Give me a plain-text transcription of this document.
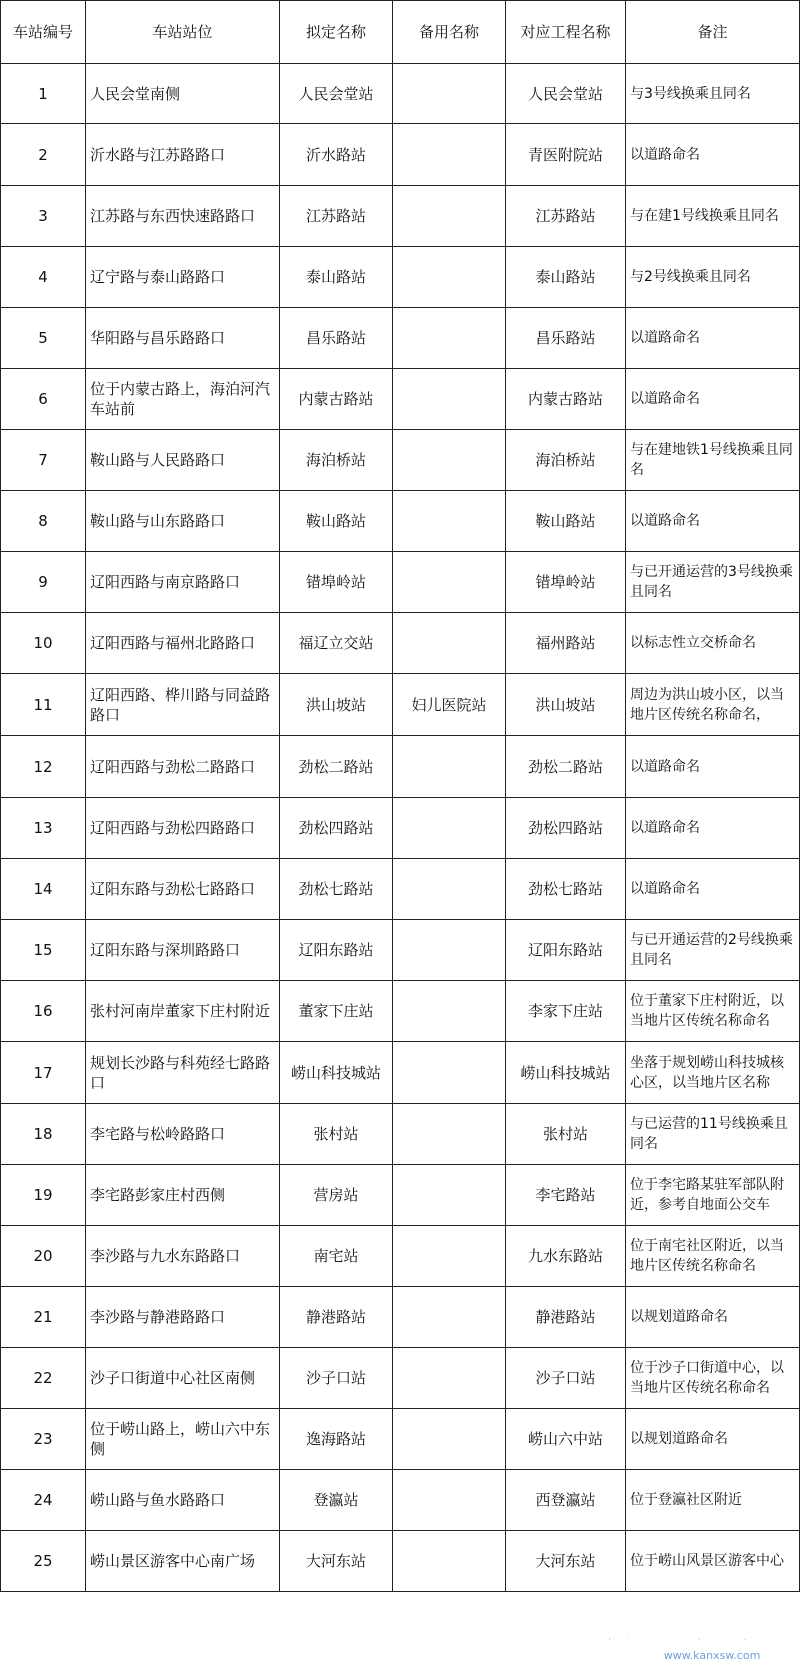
车站编号	车站站位	拟定名称	备用名称	对应工程名称	备注
1	人民会堂南侧	人民会堂站		人民会堂站	与3号线换乘且同名

2	沂水路与江苏路路口	沂水路站		青医附院站	以道路命名

3	江苏路与东西快速路路口	江苏路站		江苏路站	与在建1号线换乘且同名

4	辽宁路与泰山路路口	泰山路站		泰山路站	与2号线换乘且同名

5	华阳路与昌乐路路口	昌乐路站		昌乐路站	以道路命名

6	位于内蒙古路上，海泊河汽车站前	内蒙古路站		内蒙古路站	以道路命名

7	鞍山路与人民路路口	海泊桥站		海泊桥站	与在建地铁1号线换乘且同名

8	鞍山路与山东路路口	鞍山路站		鞍山路站	以道路命名

9	辽阳西路与南京路路口	错埠岭站		错埠岭站	与已开通运营的3号线换乘且同名

10	辽阳西路与福州北路路口	福辽立交站		福州路站	以标志性立交桥命名

11	辽阳西路、桦川路与同益路路口	洪山坡站	妇儿医院站	洪山坡站	周边为洪山坡小区，以当地片区传统名称命名，

12	辽阳西路与劲松二路路口	劲松二路站		劲松二路站	以道路命名

13	辽阳西路与劲松四路路口	劲松四路站		劲松四路站	以道路命名

14	辽阳东路与劲松七路路口	劲松七路站		劲松七路站	以道路命名

15	辽阳东路与深圳路路口	辽阳东路站		辽阳东路站	与已开通运营的2号线换乘且同名

16	张村河南岸董家下庄村附近	董家下庄站		李家下庄站	位于董家下庄村附近，以当地片区传统名称命名

17	规划长沙路与科苑经七路路口	崂山科技城站		崂山科技城站	坐落于规划崂山科技城核心区，以当地片区名称

18	李宅路与松岭路路口	张村站		张村站	与已运营的11号线换乘且同名

19	李宅路彭家庄村西侧	营房站		李宅路站	位于李宅路某驻军部队附近，参考自地面公交车

20	李沙路与九水东路路口	南宅站		九水东路站	位于南宅社区附近，以当地片区传统名称命名

21	李沙路与静港路路口	静港路站		静港路站	以规划道路命名

22	沙子口街道中心社区南侧	沙子口站		沙子口站	位于沙子口街道中心，以当地片区传统名称命名

23	位于崂山路上，崂山六中东侧	逸海路站		崂山六中站	以规划道路命名

24	崂山路与鱼水路路口	登瀛站		西登瀛站	位于登瀛社区附近

25	崂山景区游客中心南广场	大河东站		大河东站	位于崂山风景区游客中心
深圳地铁查询
www.kanxsw.com
